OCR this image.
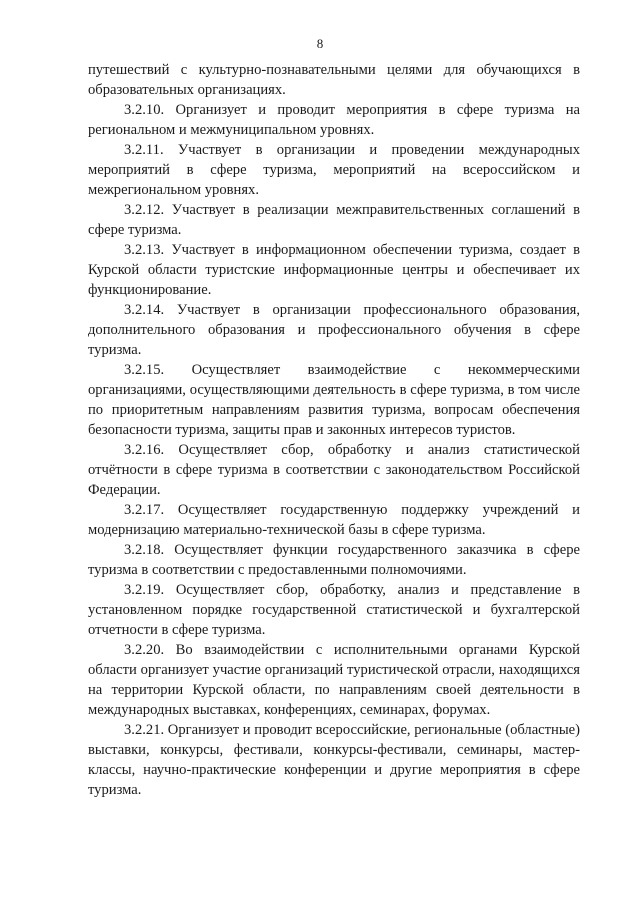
8

путешествий с культурно-познавательными целями для обучающихся в образовательных организациях.

3.2.10. Организует и проводит мероприятия в сфере туризма на региональном и межмуниципальном уровнях.

3.2.11. Участвует в организации и проведении международных мероприятий в сфере туризма, мероприятий на всероссийском и межрегиональном уровнях.

3.2.12. Участвует в реализации межправительственных соглашений в сфере туризма.

3.2.13. Участвует в информационном обеспечении туризма, создает в Курской области туристские информационные центры и обеспечивает их функционирование.

3.2.14. Участвует в организации профессионального образования, дополнительного образования и профессионального обучения в сфере туризма.

3.2.15. Осуществляет взаимодействие с некоммерческими организациями, осуществляющими деятельность в сфере туризма, в том числе по приоритетным направлениям развития туризма, вопросам обеспечения безопасности туризма, защиты прав и законных интересов туристов.

3.2.16. Осуществляет сбор, обработку и анализ статистической отчётности в сфере туризма в соответствии с законодательством Российской Федерации.

3.2.17. Осуществляет государственную поддержку учреждений и модернизацию материально-технической базы в сфере туризма.

3.2.18. Осуществляет функции государственного заказчика в сфере туризма в соответствии с предоставленными полномочиями.

3.2.19. Осуществляет сбор, обработку, анализ и представление в установленном порядке государственной статистической и бухгалтерской отчетности в сфере туризма.

3.2.20. Во взаимодействии с исполнительными органами Курской области организует участие организаций туристической отрасли, находящихся на территории Курской области, по направлениям своей деятельности в международных выставках, конференциях, семинарах, форумах.

3.2.21. Организует и проводит всероссийские, региональные (областные) выставки, конкурсы, фестивали, конкурсы-фестивали, семинары, мастер-классы, научно-практические конференции и другие мероприятия в сфере туризма.
